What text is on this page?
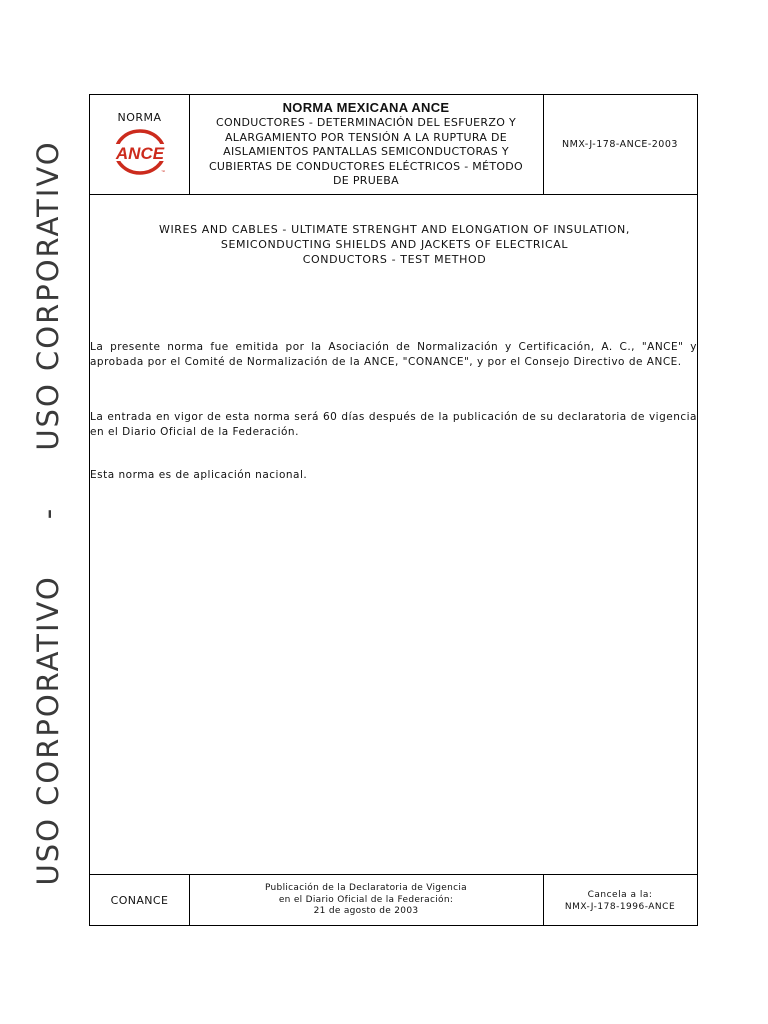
USO CORPORATIVO     -     USO CORPORATIVO
NORMA
ANCE
™
NORMA MEXICANA ANCE
CONDUCTORES - DETERMINACIÓN DEL ESFUERZO Y
ALARGAMIENTO POR TENSIÓN A LA RUPTURA DE
AISLAMIENTOS PANTALLAS SEMICONDUCTORAS Y
CUBIERTAS DE CONDUCTORES ELÉCTRICOS - MÉTODO
DE PRUEBA
NMX-J-178-ANCE-2003
WIRES AND CABLES - ULTIMATE STRENGHT AND ELONGATION OF INSULATION,
SEMICONDUCTING SHIELDS AND JACKETS OF ELECTRICAL
CONDUCTORS - TEST METHOD
La presente norma fue emitida por la Asociación de Normalización y Certificación, A. C., "ANCE" y aprobada por el Comité de Normalización de la ANCE, "CONANCE", y por el Consejo Directivo de ANCE.
La entrada en vigor de esta norma será 60 días después de la publicación de su declaratoria de vigencia en el Diario Oficial de la Federación.
Esta norma es de aplicación nacional.
CONANCE
Publicación de la Declaratoria de Vigencia
en el Diario Oficial de la Federación:
21 de agosto de 2003
Cancela a la:
NMX-J-178-1996-ANCE
